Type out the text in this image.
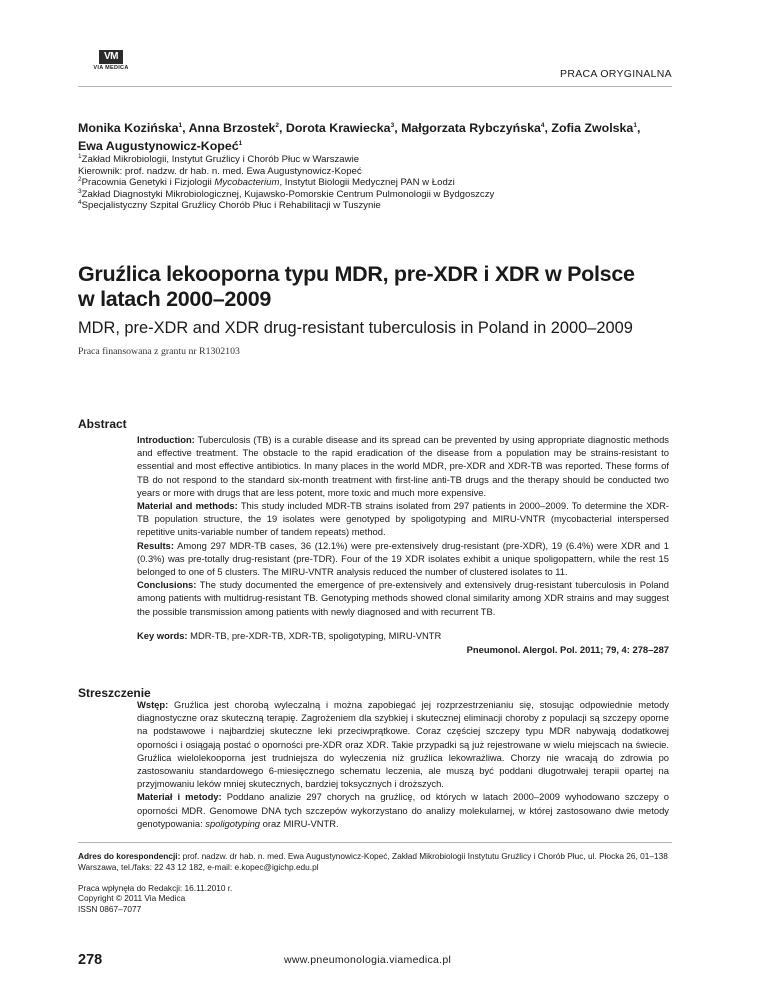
VM
VIA MEDICA	PRACA ORYGINALNA
Monika Kozińska$^1$, Anna Brzostek$^2$, Dorota Krawiecka$^3$, Małgorzata Rybczyńska$^4$, Zofia Zwolska$^1$,
Ewa Augustynowicz-Kopeć$^1$
$^1$Zakład Mikrobiologii, Instytut Gruźlicy i Chorób Płuc w Warszawie
Kierownik: prof. nadzw. dr hab. n. med. Ewa Augustynowicz-Kopeć
$^2$Pracownia Genetyki i Fizjologii Mycobacterium, Instytut Biologii Medycznej PAN w Łodzi
$^3$Zakład Diagnostyki Mikrobiologicznej, Kujawsko-Pomorskie Centrum Pulmonologii w Bydgoszczy
$^4$Specjalistyczny Szpital Gruźlicy Chorób Płuc i Rehabilitacji w Tuszynie
Gruźlica lekooporna typu MDR, pre-XDR i XDR w Polsce
w latach 2000–2009
MDR, pre-XDR and XDR drug-resistant tuberculosis in Poland in 2000–2009
Praca finansowana z grantu nr R1302103
Abstract

Introduction: Tuberculosis (TB) is a curable disease and its spread can be prevented by using appropriate diagnostic methods and effective treatment. The obstacle to the rapid eradication of the disease from a population may be strains-resistant to essential and most effective antibiotics. In many places in the world MDR, pre-XDR and XDR-TB was reported. These forms of TB do not respond to the standard six-month treatment with first-line anti-TB drugs and the therapy should be conducted two years or more with drugs that are less potent, more toxic and much more expensive.

Material and methods: This study included MDR-TB strains isolated from 297 patients in 2000–2009. To determine the XDR-TB population structure, the 19 isolates were genotyped by spoligotyping and MIRU-VNTR (mycobacterial interspersed repetitive units-variable number of tandem repeats) method.

Results: Among 297 MDR-TB cases, 36 (12.1%) were pre-extensively drug-resistant (pre-XDR), 19 (6.4%) were XDR and 1 (0.3%) was pre-totally drug-resistant (pre-TDR). Four of the 19 XDR isolates exhibit a unique spoligopattern, while the rest 15 belonged to one of 5 clusters. The MIRU-VNTR analysis reduced the number of clustered isolates to 11.

Conclusions: The study documented the emergence of pre-extensively and extensively drug-resistant tuberculosis in Poland among patients with multidrug-resistant TB. Genotyping methods showed clonal similarity among XDR strains and may suggest the possible transmission among patients with newly diagnosed and with recurrent TB.

Key words: MDR-TB, pre-XDR-TB, XDR-TB, spoligotyping, MIRU-VNTR
Pneumonol. Alergol. Pol. 2011; 79, 4: 278–287
Streszczenie

Wstęp: Gruźlica jest chorobą wyleczalną i można zapobiegać jej rozprzestrzenianiu się, stosując odpowiednie metody diagnostyczne oraz skuteczną terapię. Zagrożeniem dla szybkiej i skutecznej eliminacji choroby z populacji są szczepy oporne na podstawowe i najbardziej skuteczne leki przeciwprątkowe. Coraz częściej szczepy typu MDR nabywają dodatkowej oporności i osiągają postać o oporności pre-XDR oraz XDR. Takie przypadki są już rejestrowane w wielu miejscach na świecie. Gruźlica wielolekooporna jest trudniejsza do wyleczenia niż gruźlica lekowrażliwa. Chorzy nie wracają do zdrowia po zastosowaniu standardowego 6-miesięcznego schematu leczenia, ale muszą być poddani długotrwałej terapii opartej na przyjmowaniu leków mniej skutecznych, bardziej toksycznych i droższych.

Materiał i metody: Poddano analizie 297 chorych na gruźlicę, od których w latach 2000–2009 wyhodowano szczepy o oporności MDR. Genomowe DNA tych szczepów wykorzystano do analizy molekularnej, w której zastosowano dwie metody genotypowania: spoligotyping oraz MIRU-VNTR.

Adres do korespondencji: prof. nadzw. dr hab. n. med. Ewa Augustynowicz-Kopeć, Zakład Mikrobiologii Instytutu Gruźlicy i Chorób Płuc, ul. Płocka 26, 01–138 Warszawa, tel./faks: 22 43 12 182, e-mail: e.kopec@igichp.edu.pl
Praca wpłynęła do Redakcji: 16.11.2010 r.
Copyright © 2011 Via Medica
ISSN 0867–7077
278	www.pneumonologia.viamedica.pl
